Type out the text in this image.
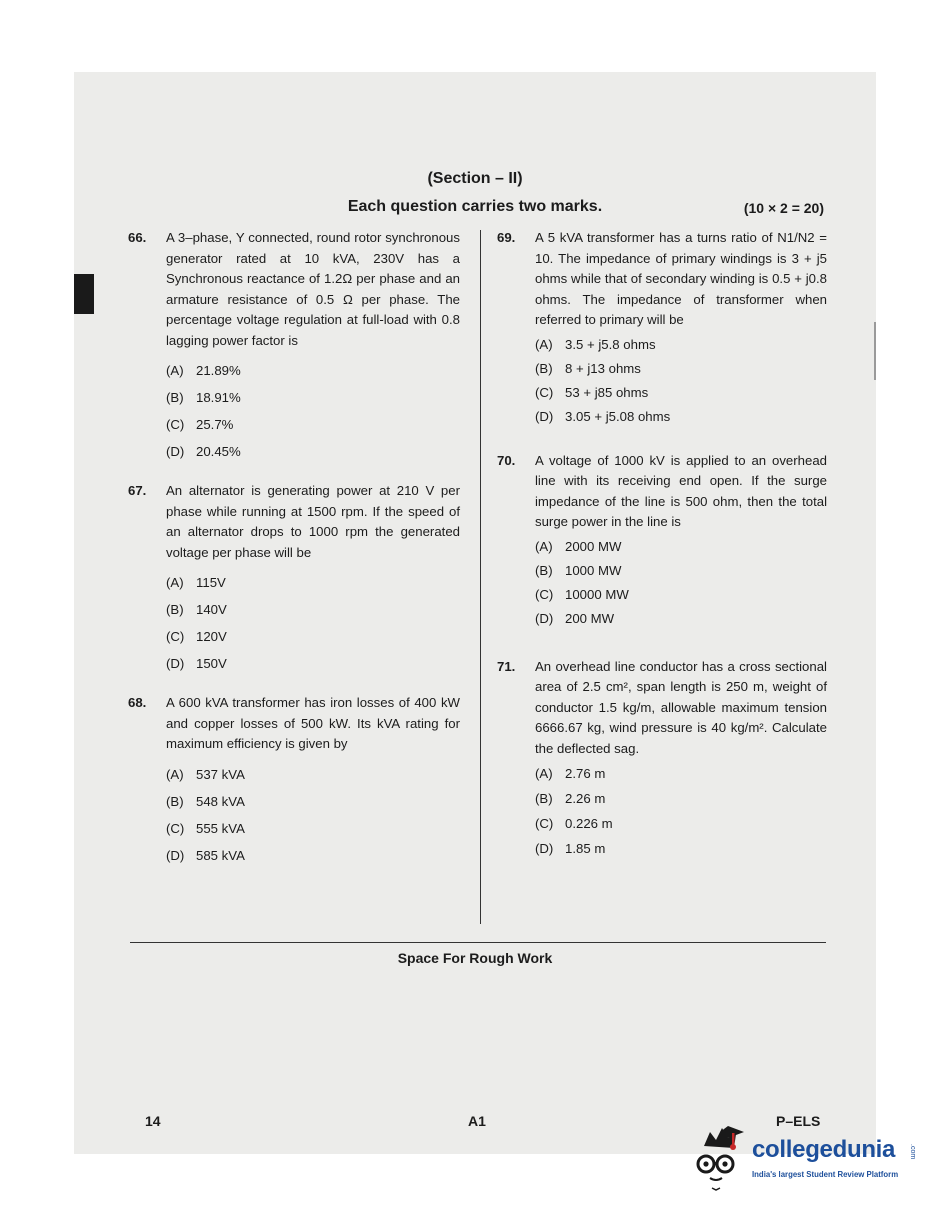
(Section – II)
Each question carries two marks.	(10 × 2 = 20)
66. A 3–phase, Y connected, round rotor synchronous generator rated at 10 kVA, 230V has a Synchronous reactance of 1.2Ω per phase and an armature resistance of 0.5 Ω per phase. The percentage voltage regulation at full-load with 0.8 lagging power factor is
(A) 21.89%
(B) 18.91%
(C) 25.7%
(D) 20.45%
67. An alternator is generating power at 210 V per phase while running at 1500 rpm. If the speed of an alternator drops to 1000 rpm the generated voltage per phase will be
(A) 115V
(B) 140V
(C) 120V
(D) 150V
68. A 600 kVA transformer has iron losses of 400 kW and copper losses of 500 kW. Its kVA rating for maximum efficiency is given by
(A) 537 kVA
(B) 548 kVA
(C) 555 kVA
(D) 585 kVA
69. A 5 kVA transformer has a turns ratio of N1/N2 = 10. The impedance of primary windings is 3 + j5 ohms while that of secondary winding is 0.5 + j0.8 ohms. The impedance of transformer when referred to primary will be
(A) 3.5 + j5.8 ohms
(B) 8 + j13 ohms
(C) 53 + j85 ohms
(D) 3.05 + j5.08 ohms
70. A voltage of 1000 kV is applied to an overhead line with its receiving end open. If the surge impedance of the line is 500 ohm, then the total surge power in the line is
(A) 2000 MW
(B) 1000 MW
(C) 10000 MW
(D) 200 MW
71. An overhead line conductor has a cross sectional area of 2.5 cm², span length is 250 m, weight of conductor 1.5 kg/m, allowable maximum tension 6666.67 kg, wind pressure is 40 kg/m². Calculate the deflected sag.
(A) 2.76 m
(B) 2.26 m
(C) 0.226 m
(D) 1.85 m
Space For Rough Work
14	A1	P–ELS
collegedunia .com
India's largest Student Review Platform
